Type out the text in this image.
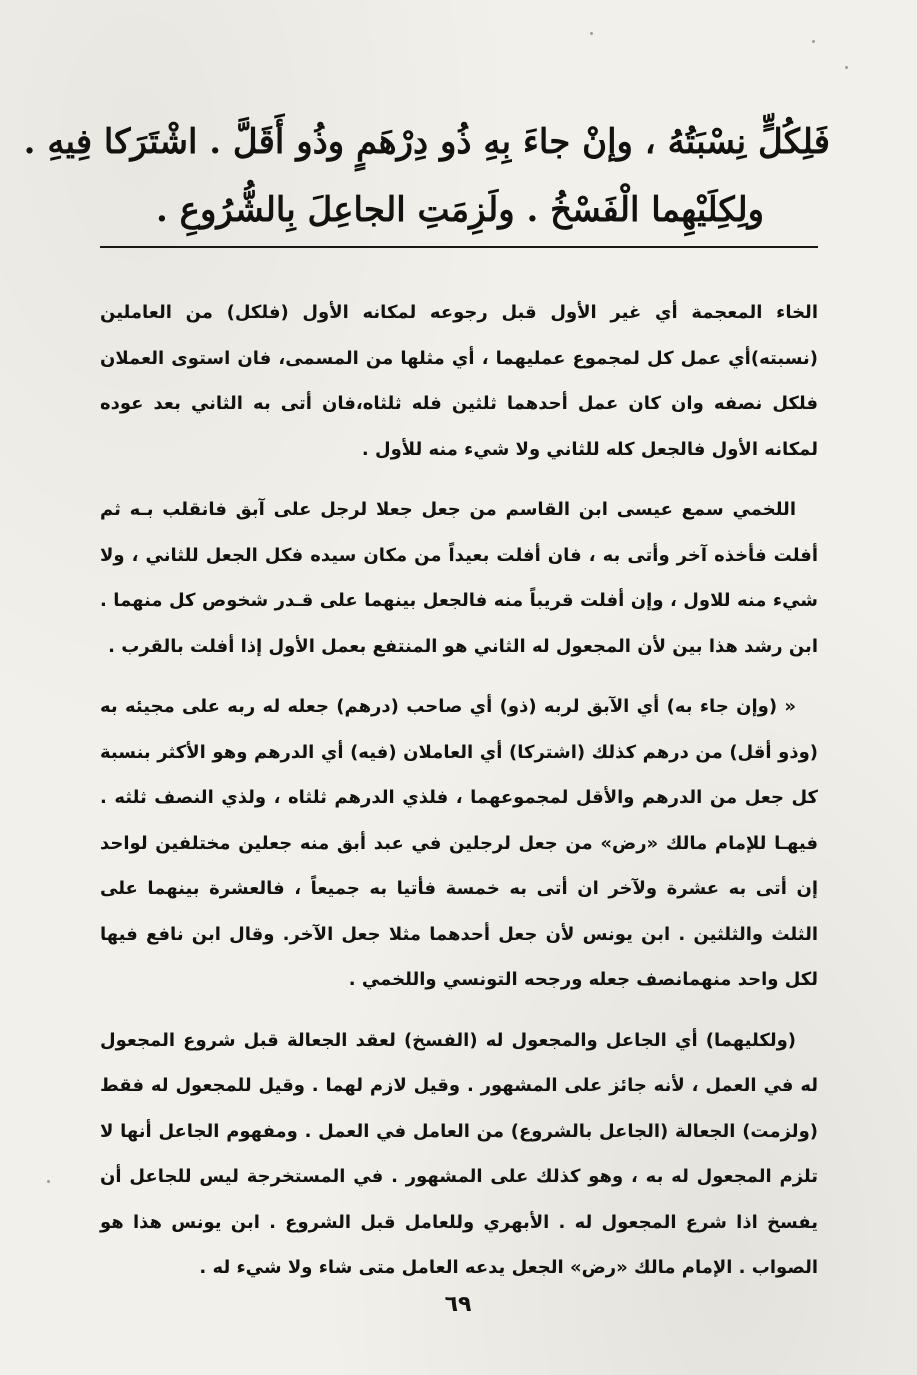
فَلِكُلٍّ نِسْبَتُهُ ، وإنْ جاءَ بِهِ ذُو دِرْهَمٍ وذُو أَقَلَّ . اشْتَرَكا فِيهِ .
ولِكِلَيْهِما الْفَسْخُ . ولَزِمَتِ الجاعِلَ بِالشُّرُوعِ .

الخاء المعجمة أي غير الأول قبل رجوعه لمكانه الأول (فلكل) من العاملين (نسبته)أي عمل كل لمجموع عمليهما ، أي مثلها من المسمى، فان استوى العملان فلكل نصفه وان كان عمل أحدهما ثلثين فله ثلثاه،فان أتى به الثاني بعد عوده لمكانه الأول فالجعل كله للثاني ولا شيء منه للأول .

اللخمي سمع عيسى ابن القاسم من جعل جعلا لرجل على آبق فانقلب بـه ثم أفلت فأخذه آخر وأتى به ، فان أفلت بعيداً من مكان سيده فكل الجعل للثاني ، ولا شيء منه للاول ، وإن أفلت قريباً منه فالجعل بينهما على قـدر شخوص كل منهما . ابن رشد هذا بين لأن المجعول له الثاني هو المنتفع بعمل الأول إذا أفلت بالقرب .

« (وإن جاء به) أي الآبق لربه (ذو) أي صاحب (درهم) جعله له ربه على مجيئه به (وذو أقل) من درهم كذلك (اشتركا) أي العاملان (فيه) أي الدرهم وهو الأكثر بنسبة كل جعل من الدرهم والأقل لمجموعهما ، فلذي الدرهم ثلثاه ، ولذي النصف ثلثه . فيهـا للإمام مالك «رض» من جعل لرجلين في عبد أبق منه جعلين مختلفين لواحد إن أتى به عشرة ولآخر ان أتى به خمسة فأتيا به جميعاً ، فالعشرة بينهما على الثلث والثلثين . ابن يونس لأن جعل أحدهما مثلا جعل الآخر. وقال ابن نافع فيها لكل واحد منهمانصف جعله ورجحه التونسي واللخمي .

(ولكليهما) أي الجاعل والمجعول له (الفسخ) لعقد الجعالة قبل شروع المجعول له في العمل ، لأنه جائز على المشهور . وقيل لازم لهما . وقيل للمجعول له فقط (ولزمت) الجعالة (الجاعل بالشروع) من العامل في العمل . ومفهوم الجاعل أنها لا تلزم المجعول له به ، وهو كذلك على المشهور . في المستخرجة ليس للجاعل أن يفسخ اذا شرع المجعول له . الأبهري وللعامل قبل الشروع . ابن يونس هذا هو الصواب . الإمام مالك «رض» الجعل يدعه العامل متى شاء ولا شيء له .

٦٩
